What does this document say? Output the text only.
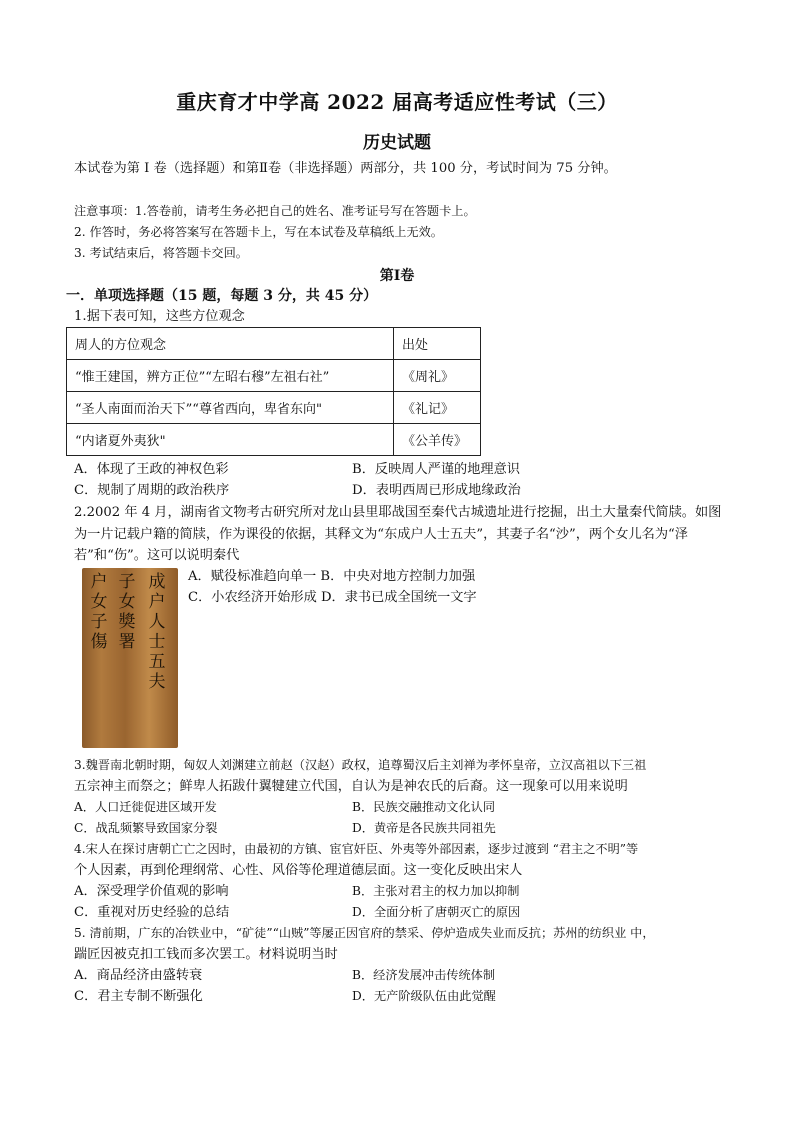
重庆育才中学高 2022 届高考适应性考试（三）
历史试题
本试卷为第 Ⅰ 卷（选择题）和第Ⅱ卷（非选择题）两部分，共 100 分，考试时间为 75 分钟。
注意事项：1.答卷前，请考生务必把自己的姓名、准考证号写在答题卡上。
2. 作答时，务必将答案写在答题卡上，写在本试卷及草稿纸上无效。
3. 考试结束后，将答题卡交回。
第Ⅰ卷
一．单项选择题（15 题，每题 3 分，共 45 分）
1.据下表可知，这些方位观念
周人的方位观念	出处
“惟王建国，辨方正位”“左昭右穆”左祖右社”	《周礼》
“圣人南面而治天下”“尊省西向，卑省东向"	《礼记》
“内诸夏外夷狄"	《公羊传》
A．体现了王政的神权色彩	B．反映周人严谨的地理意识
C．规制了周期的政治秩序	D．表明西周已形成地缘政治
2.2002 年 4 月，湖南省文物考古研究所对龙山县里耶战国至秦代古城遗址进行挖掘，出土大量秦代简牍。如图
为一片记载户籍的简牍，作为课役的依据，其释文为“东成户人士五夫”，其妻子名“沙”，两个女儿名为“泽
若”和“伤”。这可以说明秦代
户女子傷
子女獎署
成户人士五夫
A．赋役标准趋向单一 B．中央对地方控制力加强
C．小农经济开始形成 D．隶书已成全国统一文字
3.魏晋南北朝时期，匈奴人刘渊建立前赵（汉赵）政权，追尊蜀汉后主刘禅为孝怀皇帝，立汉高祖以下三祖
五宗神主而祭之；鲜卑人拓跋什翼犍建立代国，自认为是神农氏的后裔。这一现象可以用来说明
A．人口迁徙促进区域开发	B．民族交融推动文化认同
C．战乱频繁导致国家分裂	D．黄帝是各民族共同祖先
4.宋人在探讨唐朝亡亡之因时，由最初的方镇、宦官奸臣、外夷等外部因素，逐步过渡到 “君主之不明”等
个人因素，再到伦理纲常、心性、风俗等伦理道德层面。这一变化反映出宋人
A．深受理学价值观的影响	B．主张对君主的权力加以抑制
C．重视对历史经验的总结	D．全面分析了唐朝灭亡的原因
5. 清前期，广东的冶铁业中，“矿徒”“山贼”等屡正因官府的禁采、停炉造成失业而反抗；苏州的纺织业 中，
踹匠因被克扣工钱而多次罢工。材料说明当时
A．商品经济由盛转衰	B．经济发展冲击传统体制
C．君主专制不断强化	D．无产阶级队伍由此觉醒
